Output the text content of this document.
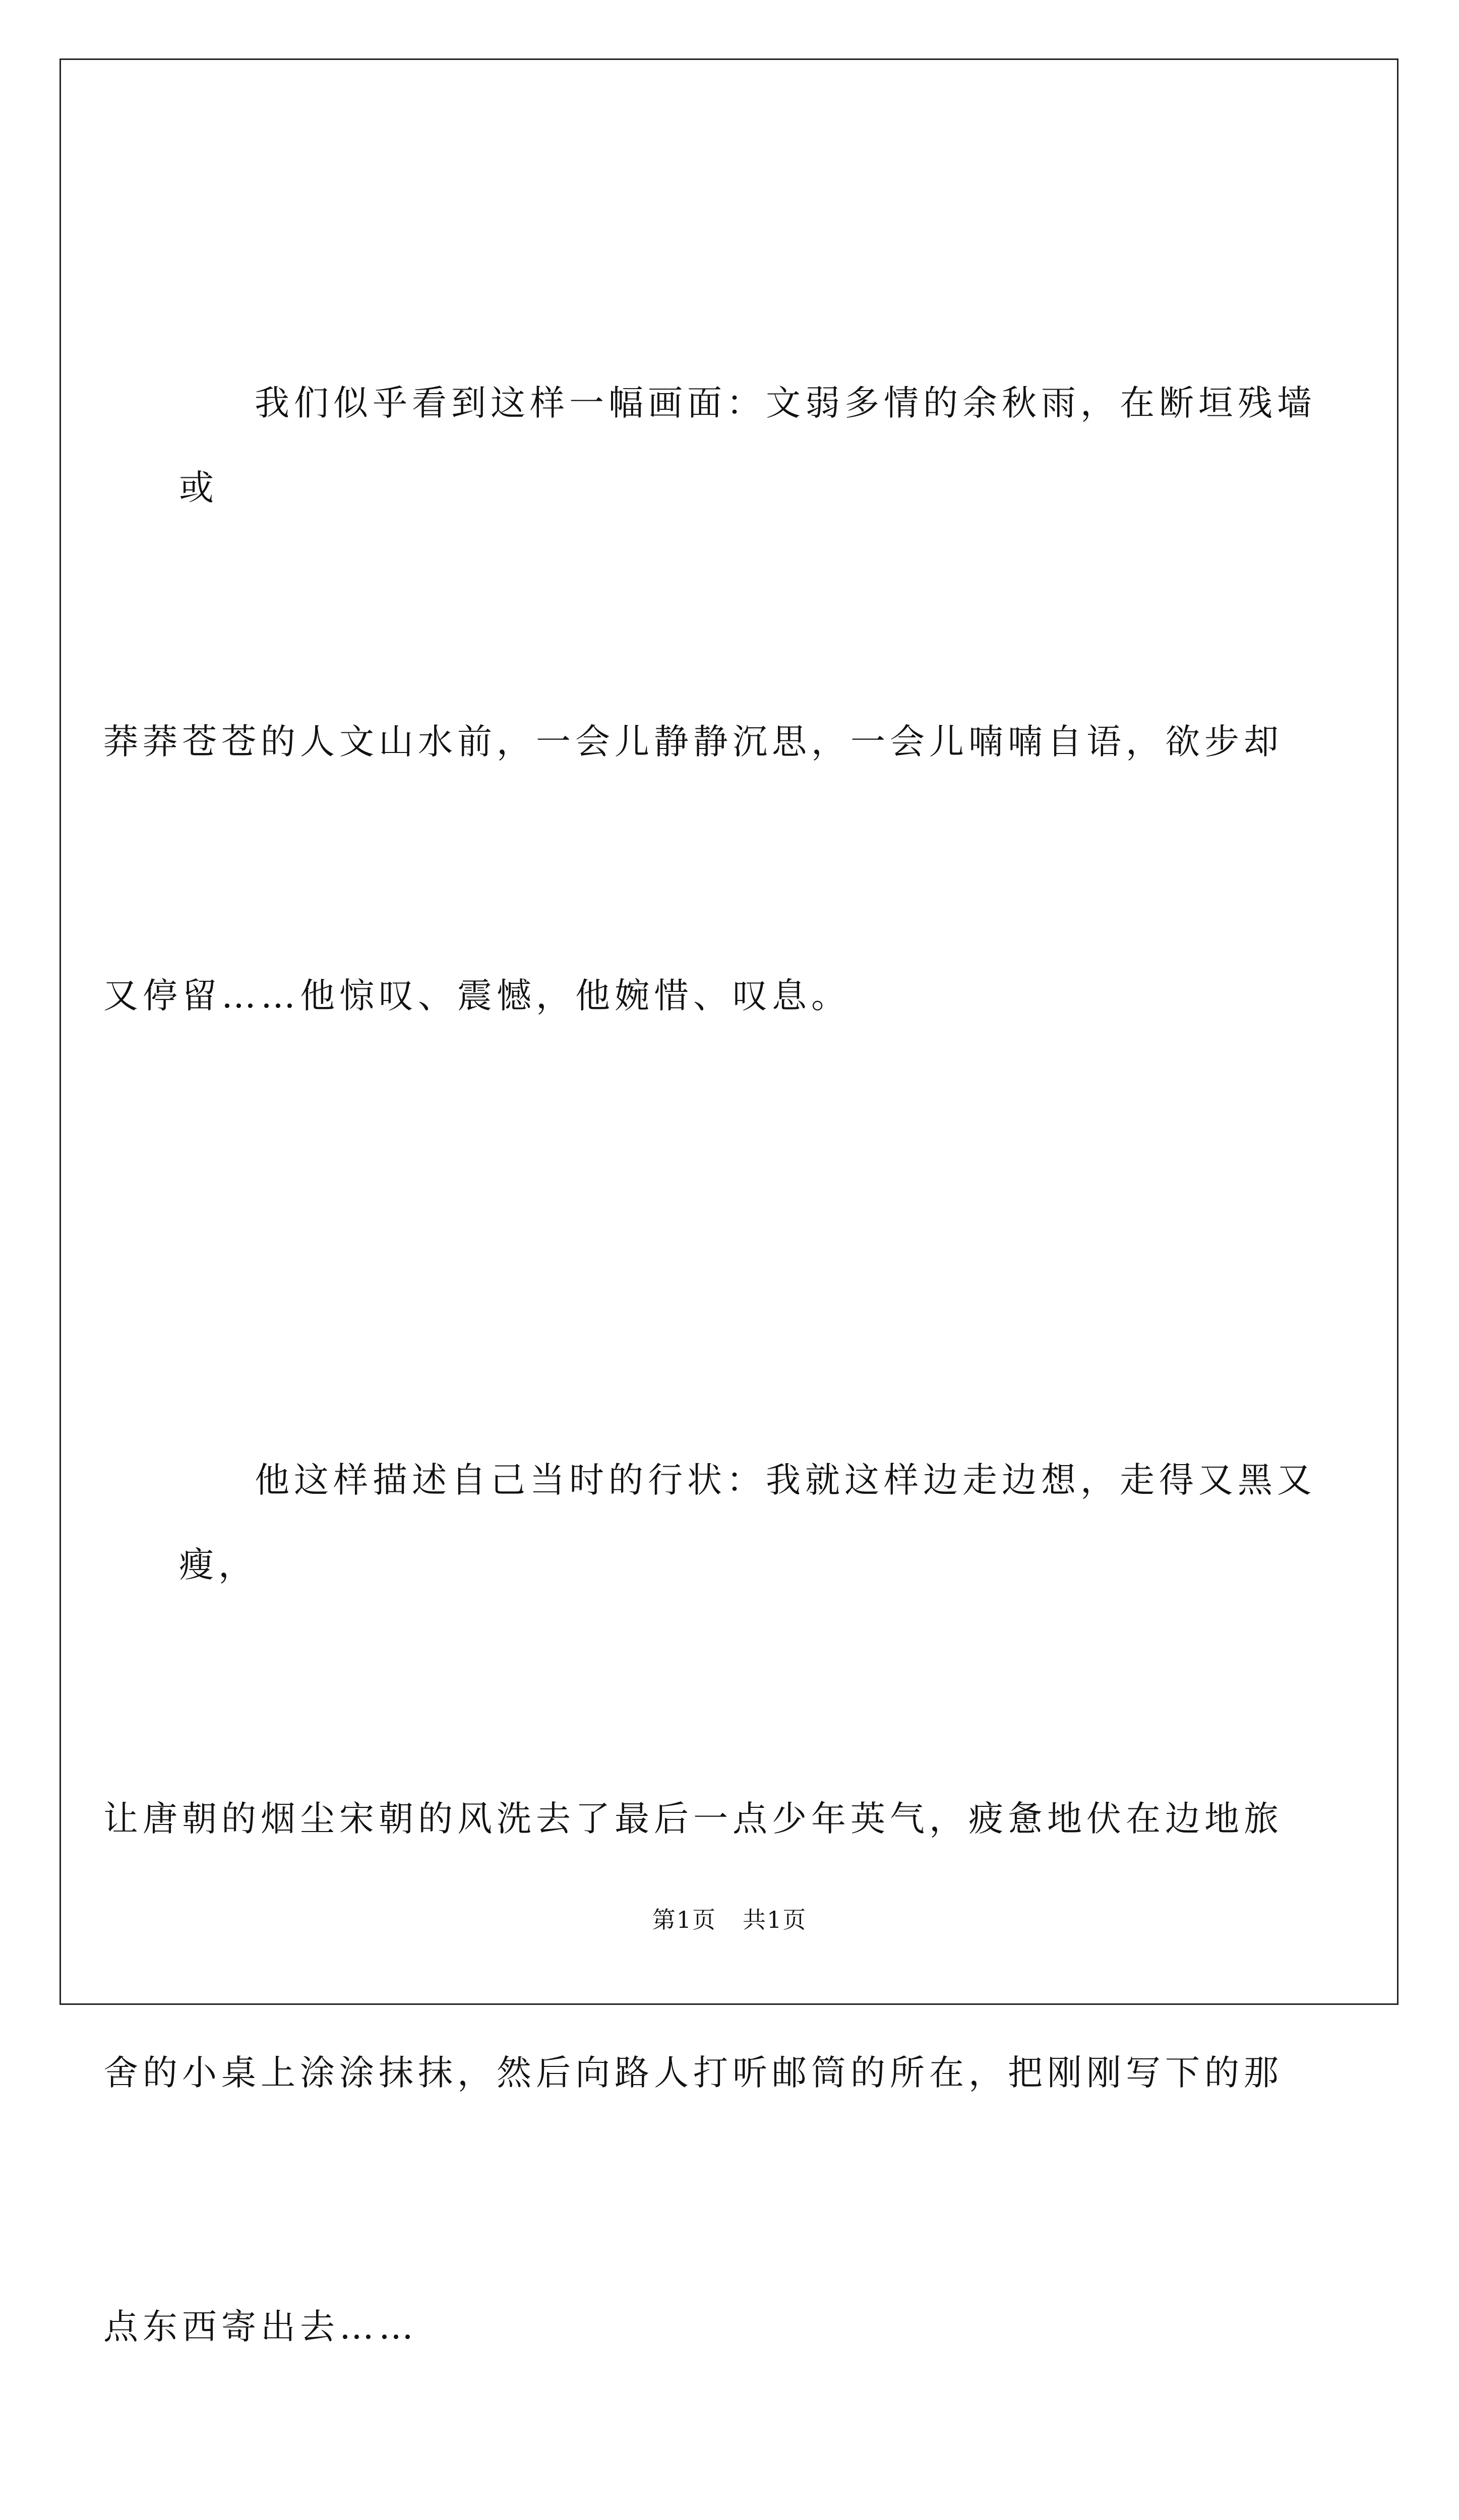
我们似乎看到这样一幅画面：文弱多情的余秋雨，在断垣残墙或

莽莽苍苍的人文山水前，一会儿静静沉思，一会儿喃喃自语，欲步却

又停留……他惊叹、震憾，他婉惜、叹息。

他这样描述自己当时的行状：我就这样边走边想，走得又黑又瘦，

让唐朝的烟尘宋朝的风洗去了最后一点少年英气，疲惫地伏在边地旅

舍的小桌上涂涂抹抹，然后向路人打听邮筒的所在，把刚刚写下的那

点东西寄出去……

第1页 共1页
